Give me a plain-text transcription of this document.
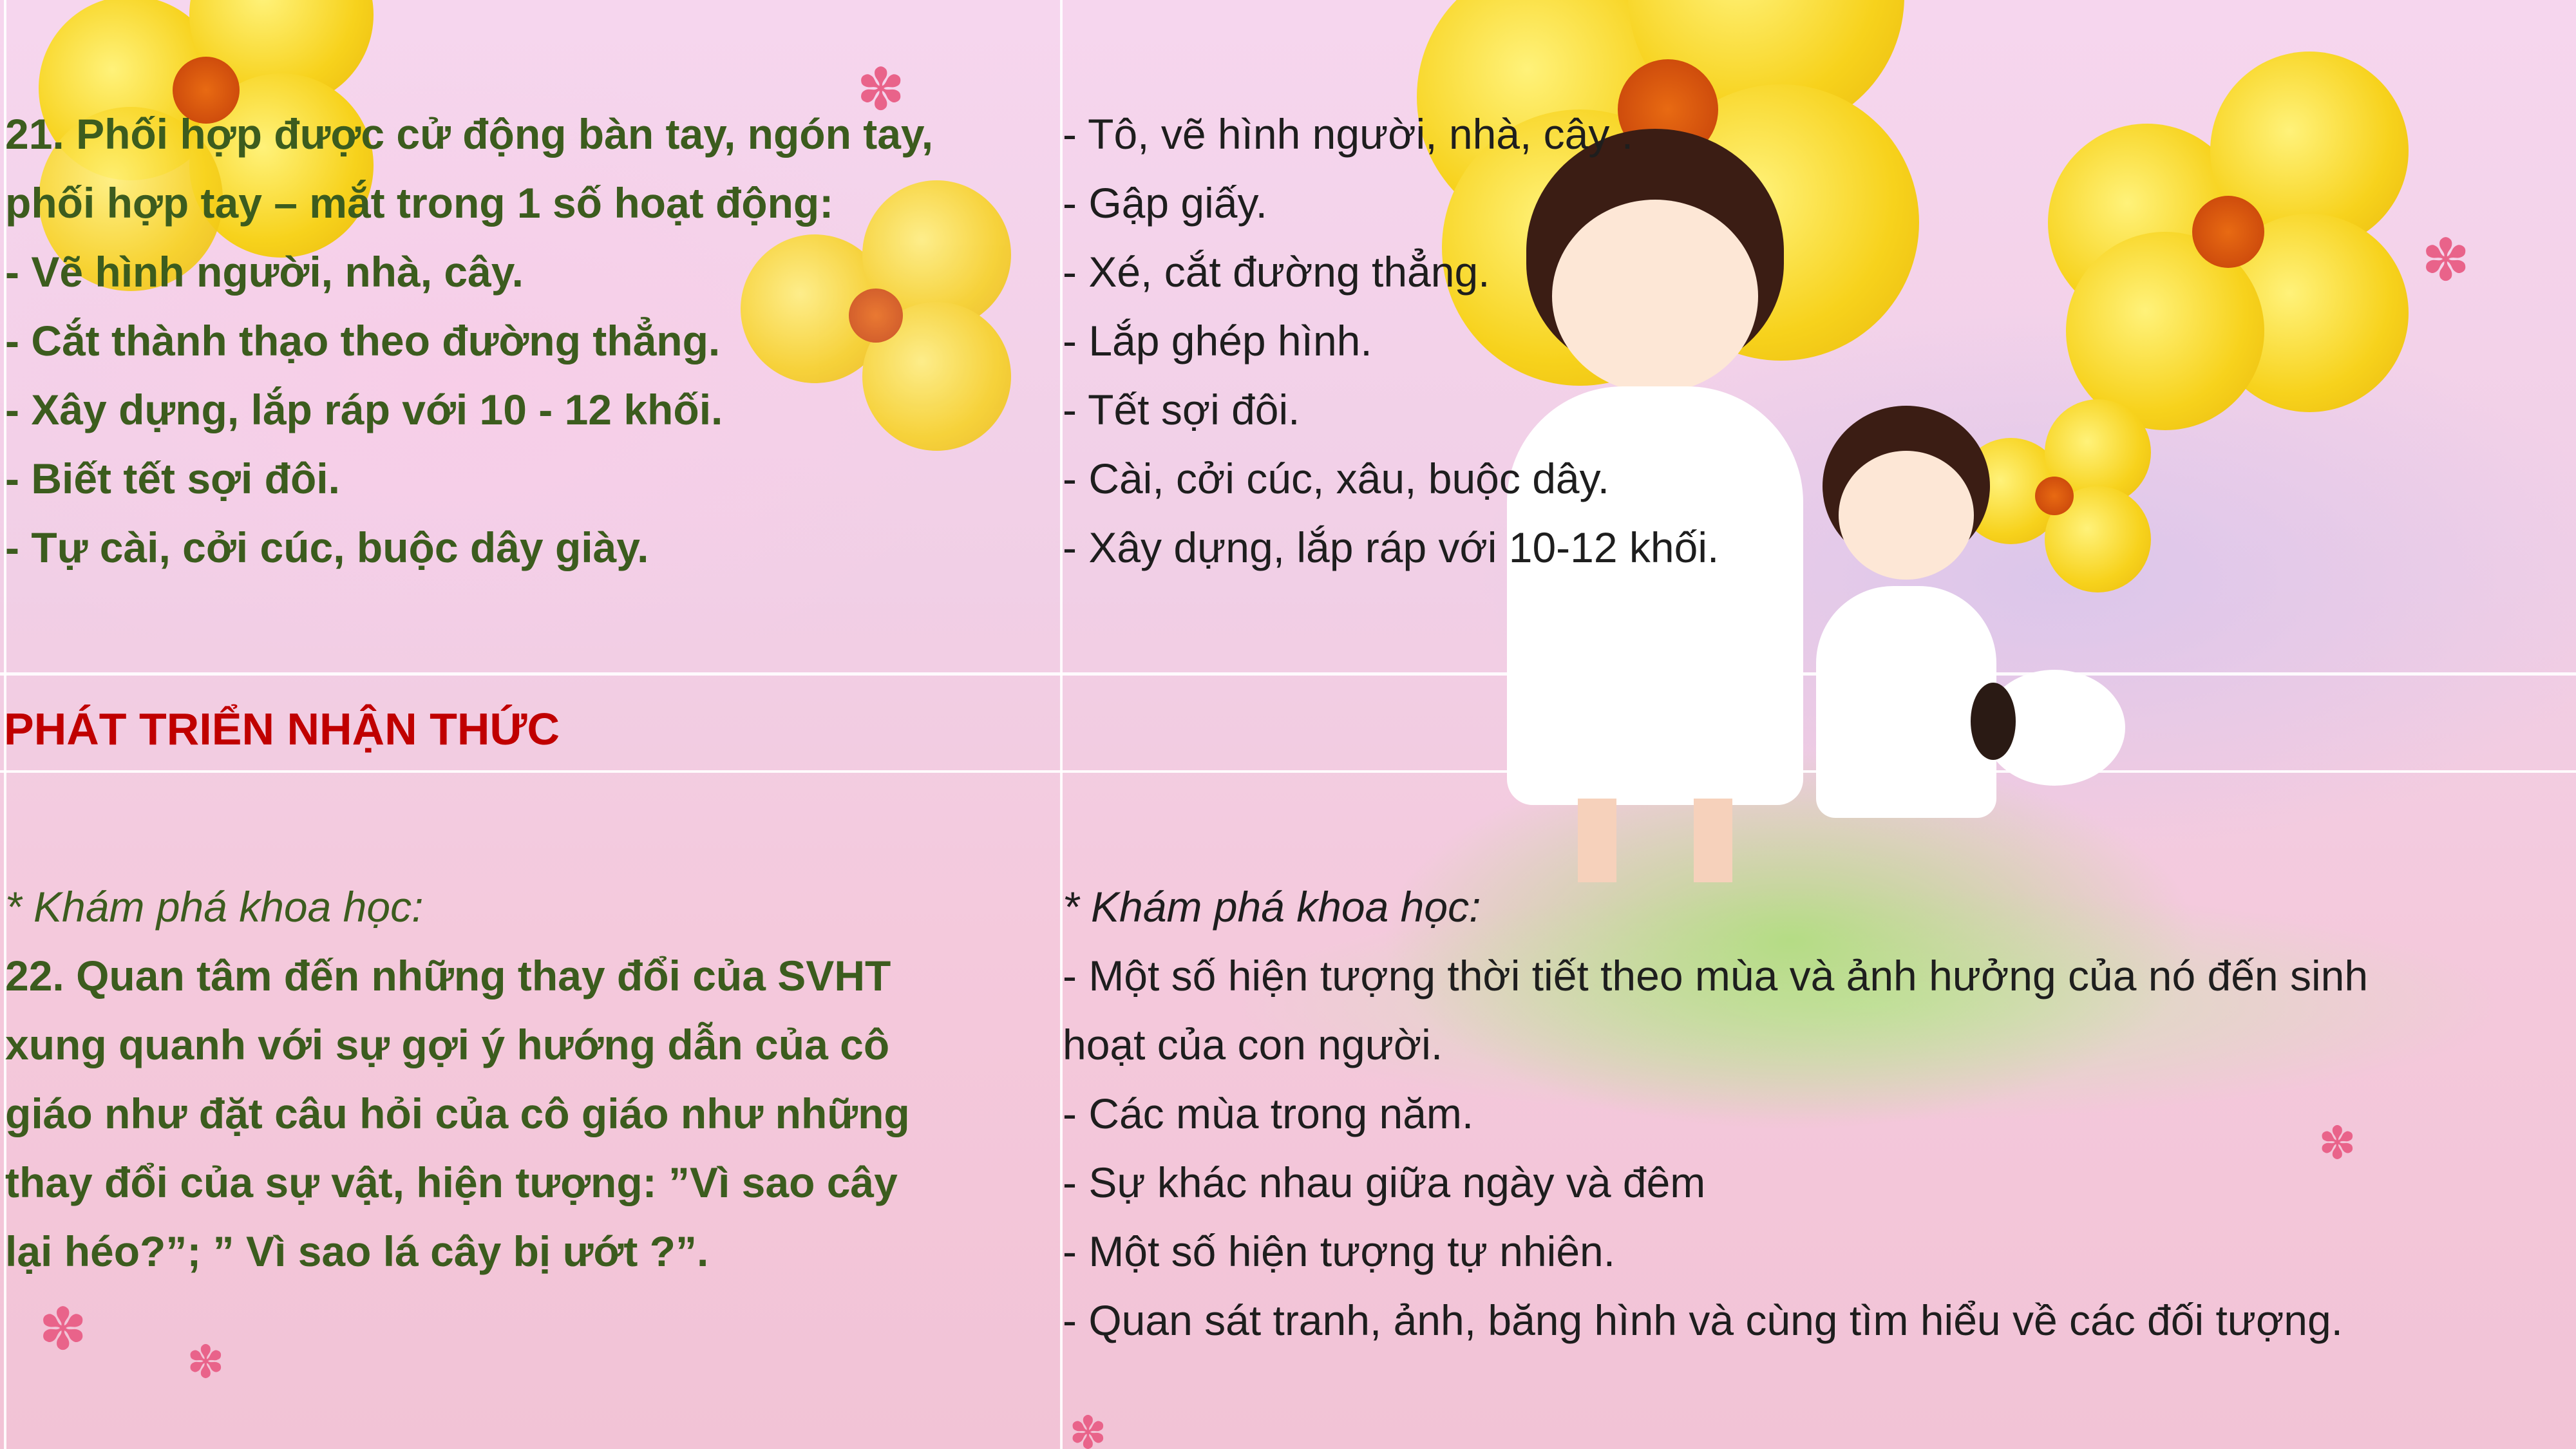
✽
✽
✽
✽ ✽
✽

21. Phối hợp được cử động bàn tay, ngón tay,
phối hợp tay – mắt trong 1 số hoạt động:
- Vẽ hình người, nhà, cây.
- Cắt thành thạo theo đường thẳng.
- Xây dựng, lắp ráp với 10 - 12 khối.
- Biết tết sợi đôi.
- Tự cài, cởi cúc, buộc dây giày.

- Tô, vẽ hình người, nhà, cây .
- Gập giấy.
- Xé, cắt đường thẳng.
- Lắp ghép hình.
- Tết sợi đôi.
- Cài, cởi cúc, xâu, buộc dây.
- Xây dựng, lắp ráp với 10-12 khối.

PHÁT TRIỂN NHẬN THỨC

* Khám phá khoa học:
22. Quan tâm đến những thay đổi của SVHT
xung quanh với sự gợi ý hướng dẫn của cô
giáo như đặt câu hỏi của cô giáo như những
thay đổi của sự vật, hiện tượng: ”Vì sao cây
lại héo?”; ” Vì sao lá cây bị ướt ?”.

* Khám phá khoa học:
- Một số hiện tượng thời tiết theo mùa và ảnh hưởng của nó đến sinh
hoạt của con người.
- Các mùa trong năm.
- Sự khác nhau giữa ngày và đêm
- Một số hiện tượng tự nhiên.
- Quan sát tranh, ảnh, băng hình và cùng tìm hiểu về các đối tượng.
